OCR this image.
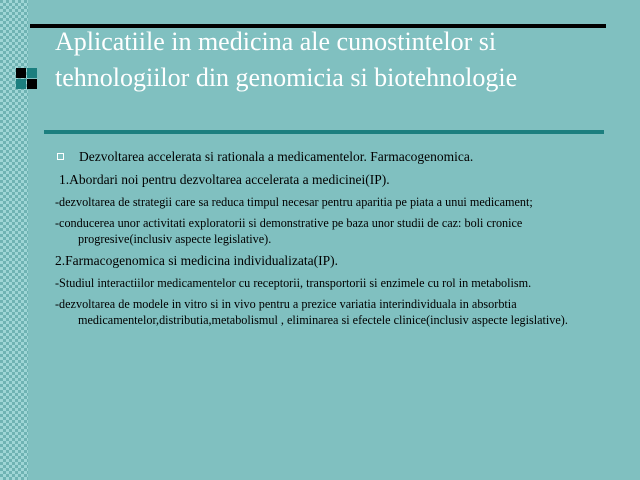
Aplicatiile in medicina ale cunostintelor si tehnologiilor din genomicia si biotehnologie
Dezvoltarea accelerata si rationala a medicamentelor. Farmacogenomica.
1.Abordari noi pentru dezvoltarea accelerata a medicinei(IP).
-dezvoltarea de strategii care sa reduca timpul necesar pentru aparitia pe piata a unui medicament;
-conducerea unor activitati exploratorii si demonstrative pe baza unor studii de caz: boli cronice progresive(inclusiv aspecte legislative).
2.Farmacogenomica si medicina individualizata(IP).
-Studiul interactiilor medicamentelor cu receptorii, transportorii si enzimele cu rol in metabolism.
-dezvoltarea de modele in vitro si in vivo pentru a prezice variatia interindividuala in absorbtia medicamentelor,distributia,metabolismul , eliminarea si efectele clinice(inclusiv aspecte legislative).
